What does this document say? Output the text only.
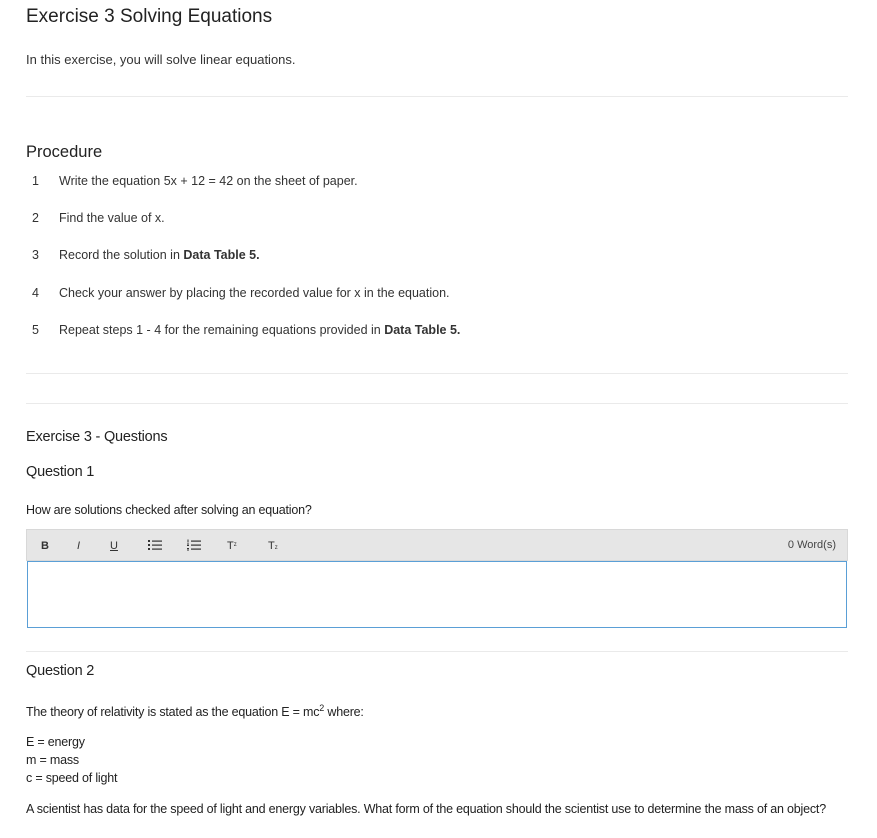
Exercise 3 Solving Equations
In this exercise, you will solve linear equations.
Procedure
1 Write the equation 5x + 12 = 42 on the sheet of paper.
2 Find the value of x.
3 Record the solution in Data Table 5.
4 Check your answer by placing the recorded value for x in the equation.
5 Repeat steps 1 - 4 for the remaining equations provided in Data Table 5.
Exercise 3 - Questions
Question 1
How are solutions checked after solving an equation?
B	I	U	$T^z$	Tz	0 Word(s)
Question 2
The theory of relativity is stated as the equation $E = mc^2$ where:
E = energy
m = mass
c = speed of light
A scientist has data for the speed of light and energy variables. What form of the equation should the scientist use to determine the mass of an object?
